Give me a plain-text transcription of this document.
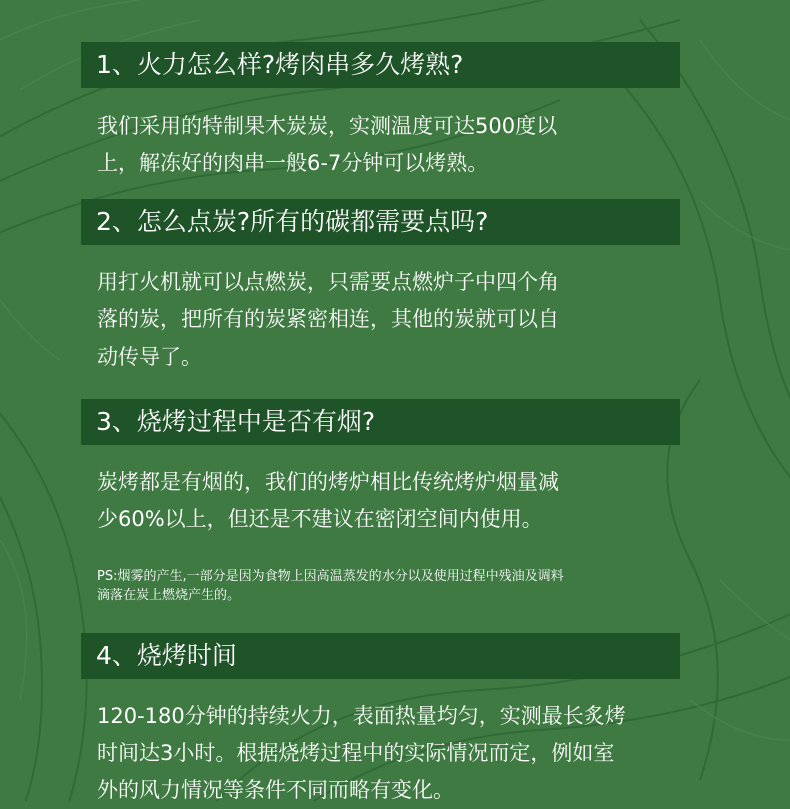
1、火力怎么样?烤肉串多久烤熟?
我们采用的特制果木炭炭，实测温度可达500度以
上，解冻好的肉串一般6-7分钟可以烤熟。
2、怎么点炭?所有的碳都需要点吗?
用打火机就可以点燃炭，只需要点燃炉子中四个角
落的炭，把所有的炭紧密相连，其他的炭就可以自
动传导了。
3、烧烤过程中是否有烟?
炭烤都是有烟的，我们的烤炉相比传统烤炉烟量减
少60%以上，但还是不建议在密闭空间内使用。
PS:烟雾的产生,一部分是因为食物上因高温蒸发的水分以及使用过程中残油及调料
滴落在炭上燃烧产生的。
4、烧烤时间
120-180分钟的持续火力，表面热量均匀，实测最长炙烤
时间达3小时。根据烧烤过程中的实际情况而定，例如室
外的风力情况等条件不同而略有变化。
